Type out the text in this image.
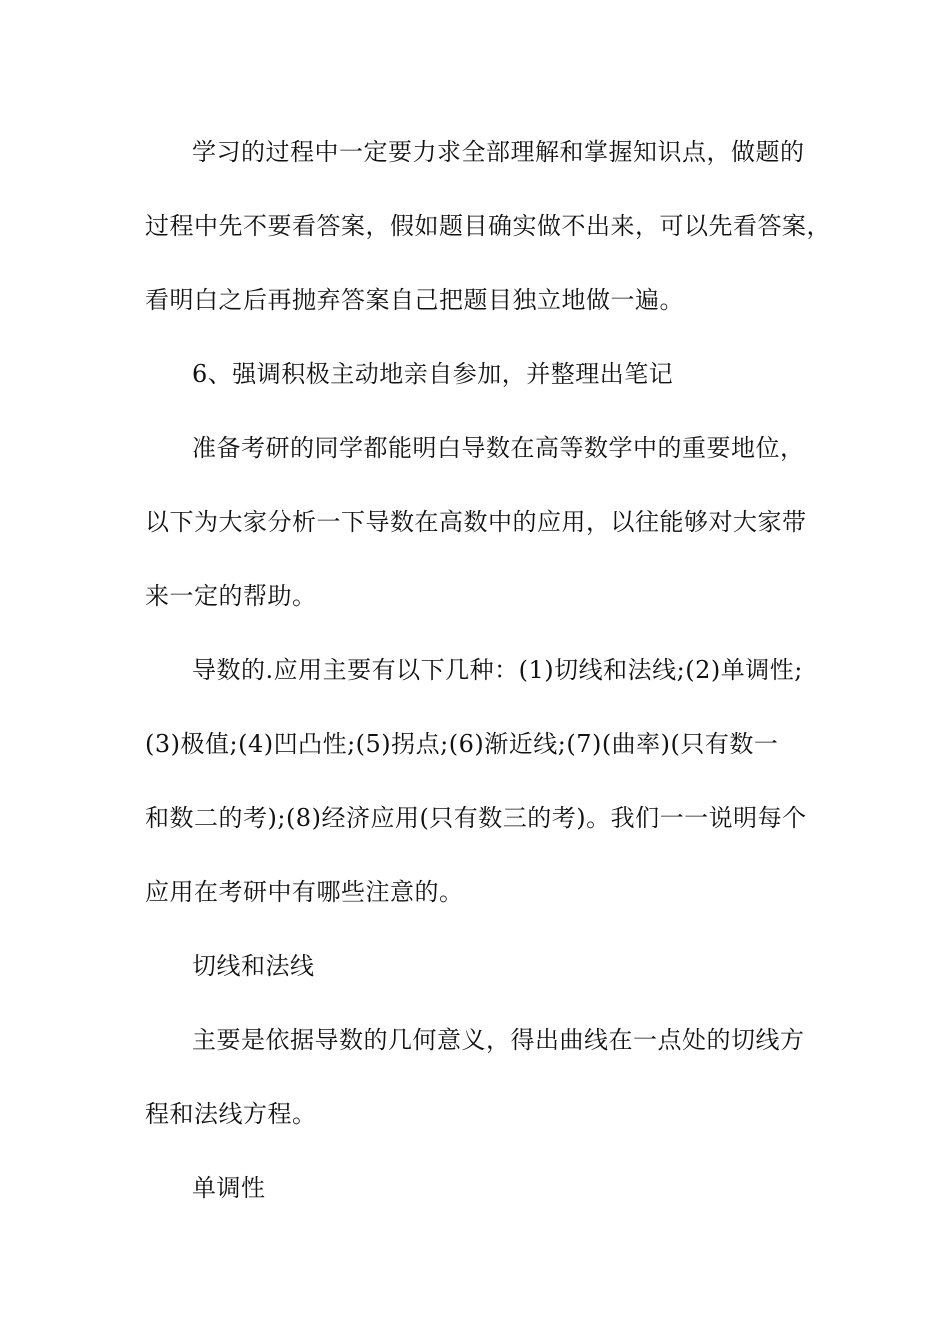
学习的过程中一定要力求全部理解和掌握知识点，做题的
过程中先不要看答案，假如题目确实做不出来，可以先看答案，
看明白之后再抛弃答案自己把题目独立地做一遍。
6、强调积极主动地亲自参加，并整理出笔记
准备考研的同学都能明白导数在高等数学中的重要地位，
以下为大家分析一下导数在高数中的应用，以往能够对大家带
来一定的帮助。
导数的.应用主要有以下几种：(1)切线和法线;(2)单调性;
(3)极值;(4)凹凸性;(5)拐点;(6)渐近线;(7)(曲率)(只有数一
和数二的考);(8)经济应用(只有数三的考)。我们一一说明每个
应用在考研中有哪些注意的。
切线和法线
主要是依据导数的几何意义，得出曲线在一点处的切线方
程和法线方程。
单调性
